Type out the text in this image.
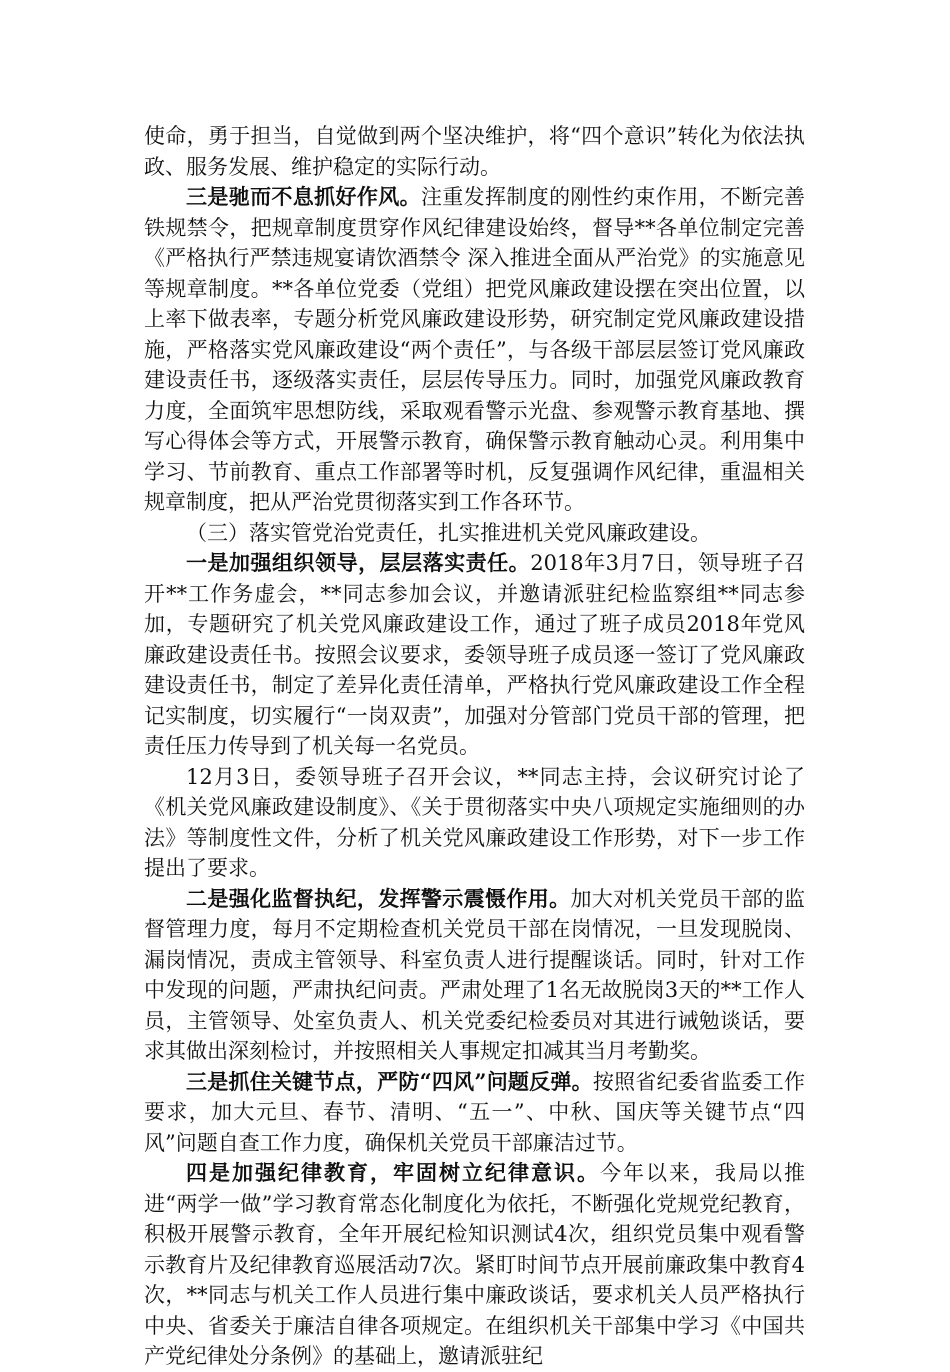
使命，勇于担当，自觉做到两个坚决维护，将“四个意识”转化为依法执政、服务发展、维护稳定的实际行动。

三是驰而不息抓好作风。注重发挥制度的刚性约束作用，不断完善铁规禁令，把规章制度贯穿作风纪律建设始终，督导**各单位制定完善《严格执行严禁违规宴请饮酒禁令 深入推进全面从严治党》的实施意见等规章制度。**各单位党委（党组）把党风廉政建设摆在突出位置，以上率下做表率，专题分析党风廉政建设形势，研究制定党风廉政建设措施，严格落实党风廉政建设“两个责任”，与各级干部层层签订党风廉政建设责任书，逐级落实责任，层层传导压力。同时，加强党风廉政教育力度，全面筑牢思想防线，采取观看警示光盘、参观警示教育基地、撰写心得体会等方式，开展警示教育，确保警示教育触动心灵。利用集中学习、节前教育、重点工作部署等时机，反复强调作风纪律，重温相关规章制度，把从严治党贯彻落实到工作各环节。

（三）落实管党治党责任，扎实推进机关党风廉政建设。

一是加强组织领导，层层落实责任。2018年3月7日，领导班子召开**工作务虚会，**同志参加会议，并邀请派驻纪检监察组**同志参加，专题研究了机关党风廉政建设工作，通过了班子成员2018年党风廉政建设责任书。按照会议要求，委领导班子成员逐一签订了党风廉政建设责任书，制定了差异化责任清单，严格执行党风廉政建设工作全程记实制度，切实履行“一岗双责”，加强对分管部门党员干部的管理，把责任压力传导到了机关每一名党员。

12月3日，委领导班子召开会议，**同志主持，会议研究讨论了《机关党风廉政建设制度》、《关于贯彻落实中央八项规定实施细则的办法》等制度性文件，分析了机关党风廉政建设工作形势，对下一步工作提出了要求。

二是强化监督执纪，发挥警示震慑作用。加大对机关党员干部的监督管理力度，每月不定期检查机关党员干部在岗情况，一旦发现脱岗、漏岗情况，责成主管领导、科室负责人进行提醒谈话。同时，针对工作中发现的问题，严肃执纪问责。严肃处理了1名无故脱岗3天的**工作人员，主管领导、处室负责人、机关党委纪检委员对其进行诫勉谈话，要求其做出深刻检讨，并按照相关人事规定扣减其当月考勤奖。

三是抓住关键节点，严防“四风”问题反弹。按照省纪委省监委工作要求，加大元旦、春节、清明、“五一”、中秋、国庆等关键节点“四风”问题自查工作力度，确保机关党员干部廉洁过节。

四是加强纪律教育，牢固树立纪律意识。今年以来，我局以推进“两学一做”学习教育常态化制度化为依托，不断强化党规党纪教育，积极开展警示教育，全年开展纪检知识测试4次，组织党员集中观看警示教育片及纪律教育巡展活动7次。紧盯时间节点开展前廉政集中教育4次，**同志与机关工作人员进行集中廉政谈话，要求机关人员严格执行中央、省委关于廉洁自律各项规定。在组织机关干部集中学习《中国共产党纪律处分条例》的基础上，邀请派驻纪
